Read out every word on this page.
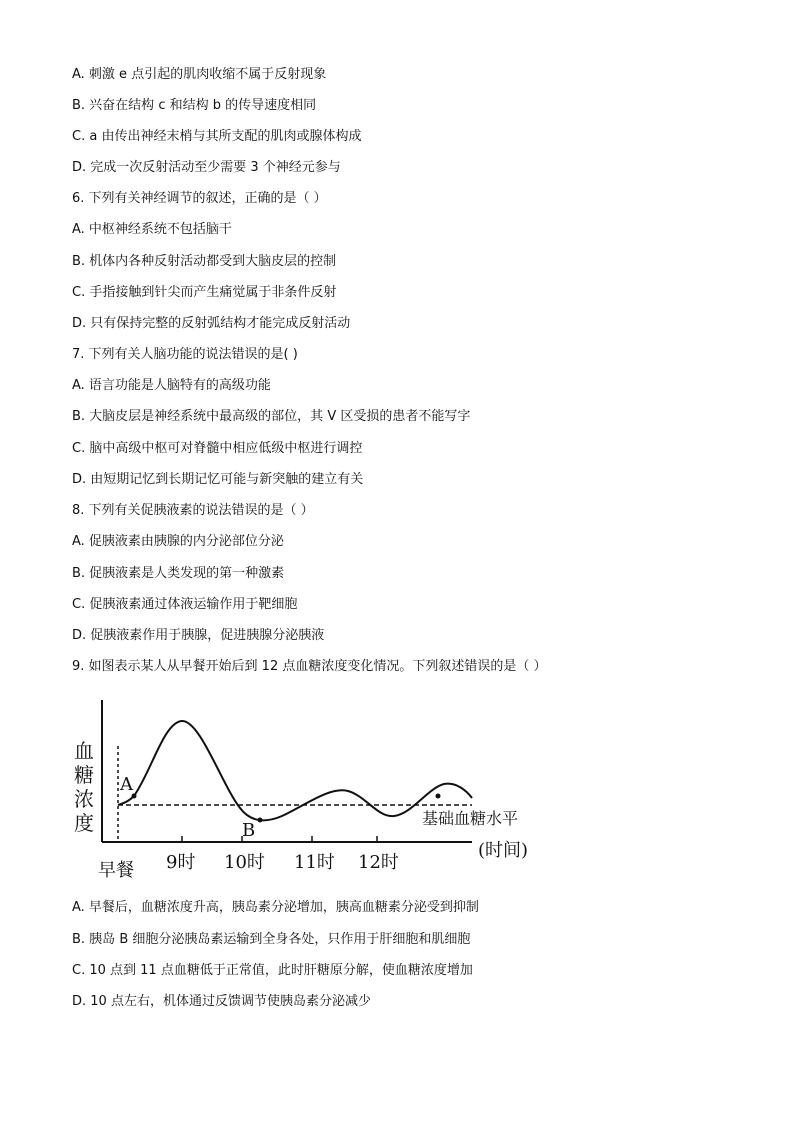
A. 刺激 e 点引起的肌肉收缩不属于反射现象
B. 兴奋在结构 c 和结构 b 的传导速度相同
C. a 由传出神经末梢与其所支配的肌肉或腺体构成
D. 完成一次反射活动至少需要 3 个神经元参与
6. 下列有关神经调节的叙述，正确的是（ ）
A. 中枢神经系统不包括脑干
B. 机体内各种反射活动都受到大脑皮层的控制
C. 手指接触到针尖而产生痛觉属于非条件反射
D. 只有保持完整的反射弧结构才能完成反射活动
7. 下列有关人脑功能的说法错误的是( )
A. 语言功能是人脑特有的高级功能
B. 大脑皮层是神经系统中最高级的部位，其 V 区受损的患者不能写字
C. 脑中高级中枢可对脊髓中相应低级中枢进行调控
D. 由短期记忆到长期记忆可能与新突触的建立有关
8. 下列有关促胰液素的说法错误的是（ ）
A. 促胰液素由胰腺的内分泌部位分泌
B. 促胰液素是人类发现的第一种激素
C. 促胰液素通过体液运输作用于靶细胞
D. 促胰液素作用于胰腺，促进胰腺分泌胰液
9. 如图表示某人从早餐开始后到 12 点血糖浓度变化情况。下列叙述错误的是（ ）
血
糖
浓
度
A
B
基础血糖水平
早餐 9时 10时 11时 12时
(时间)
A. 早餐后，血糖浓度升高，胰岛素分泌增加，胰高血糖素分泌受到抑制
B. 胰岛 B 细胞分泌胰岛素运输到全身各处，只作用于肝细胞和肌细胞
C. 10 点到 11 点血糖低于正常值，此时肝糖原分解，使血糖浓度增加
D. 10 点左右，机体通过反馈调节使胰岛素分泌减少
